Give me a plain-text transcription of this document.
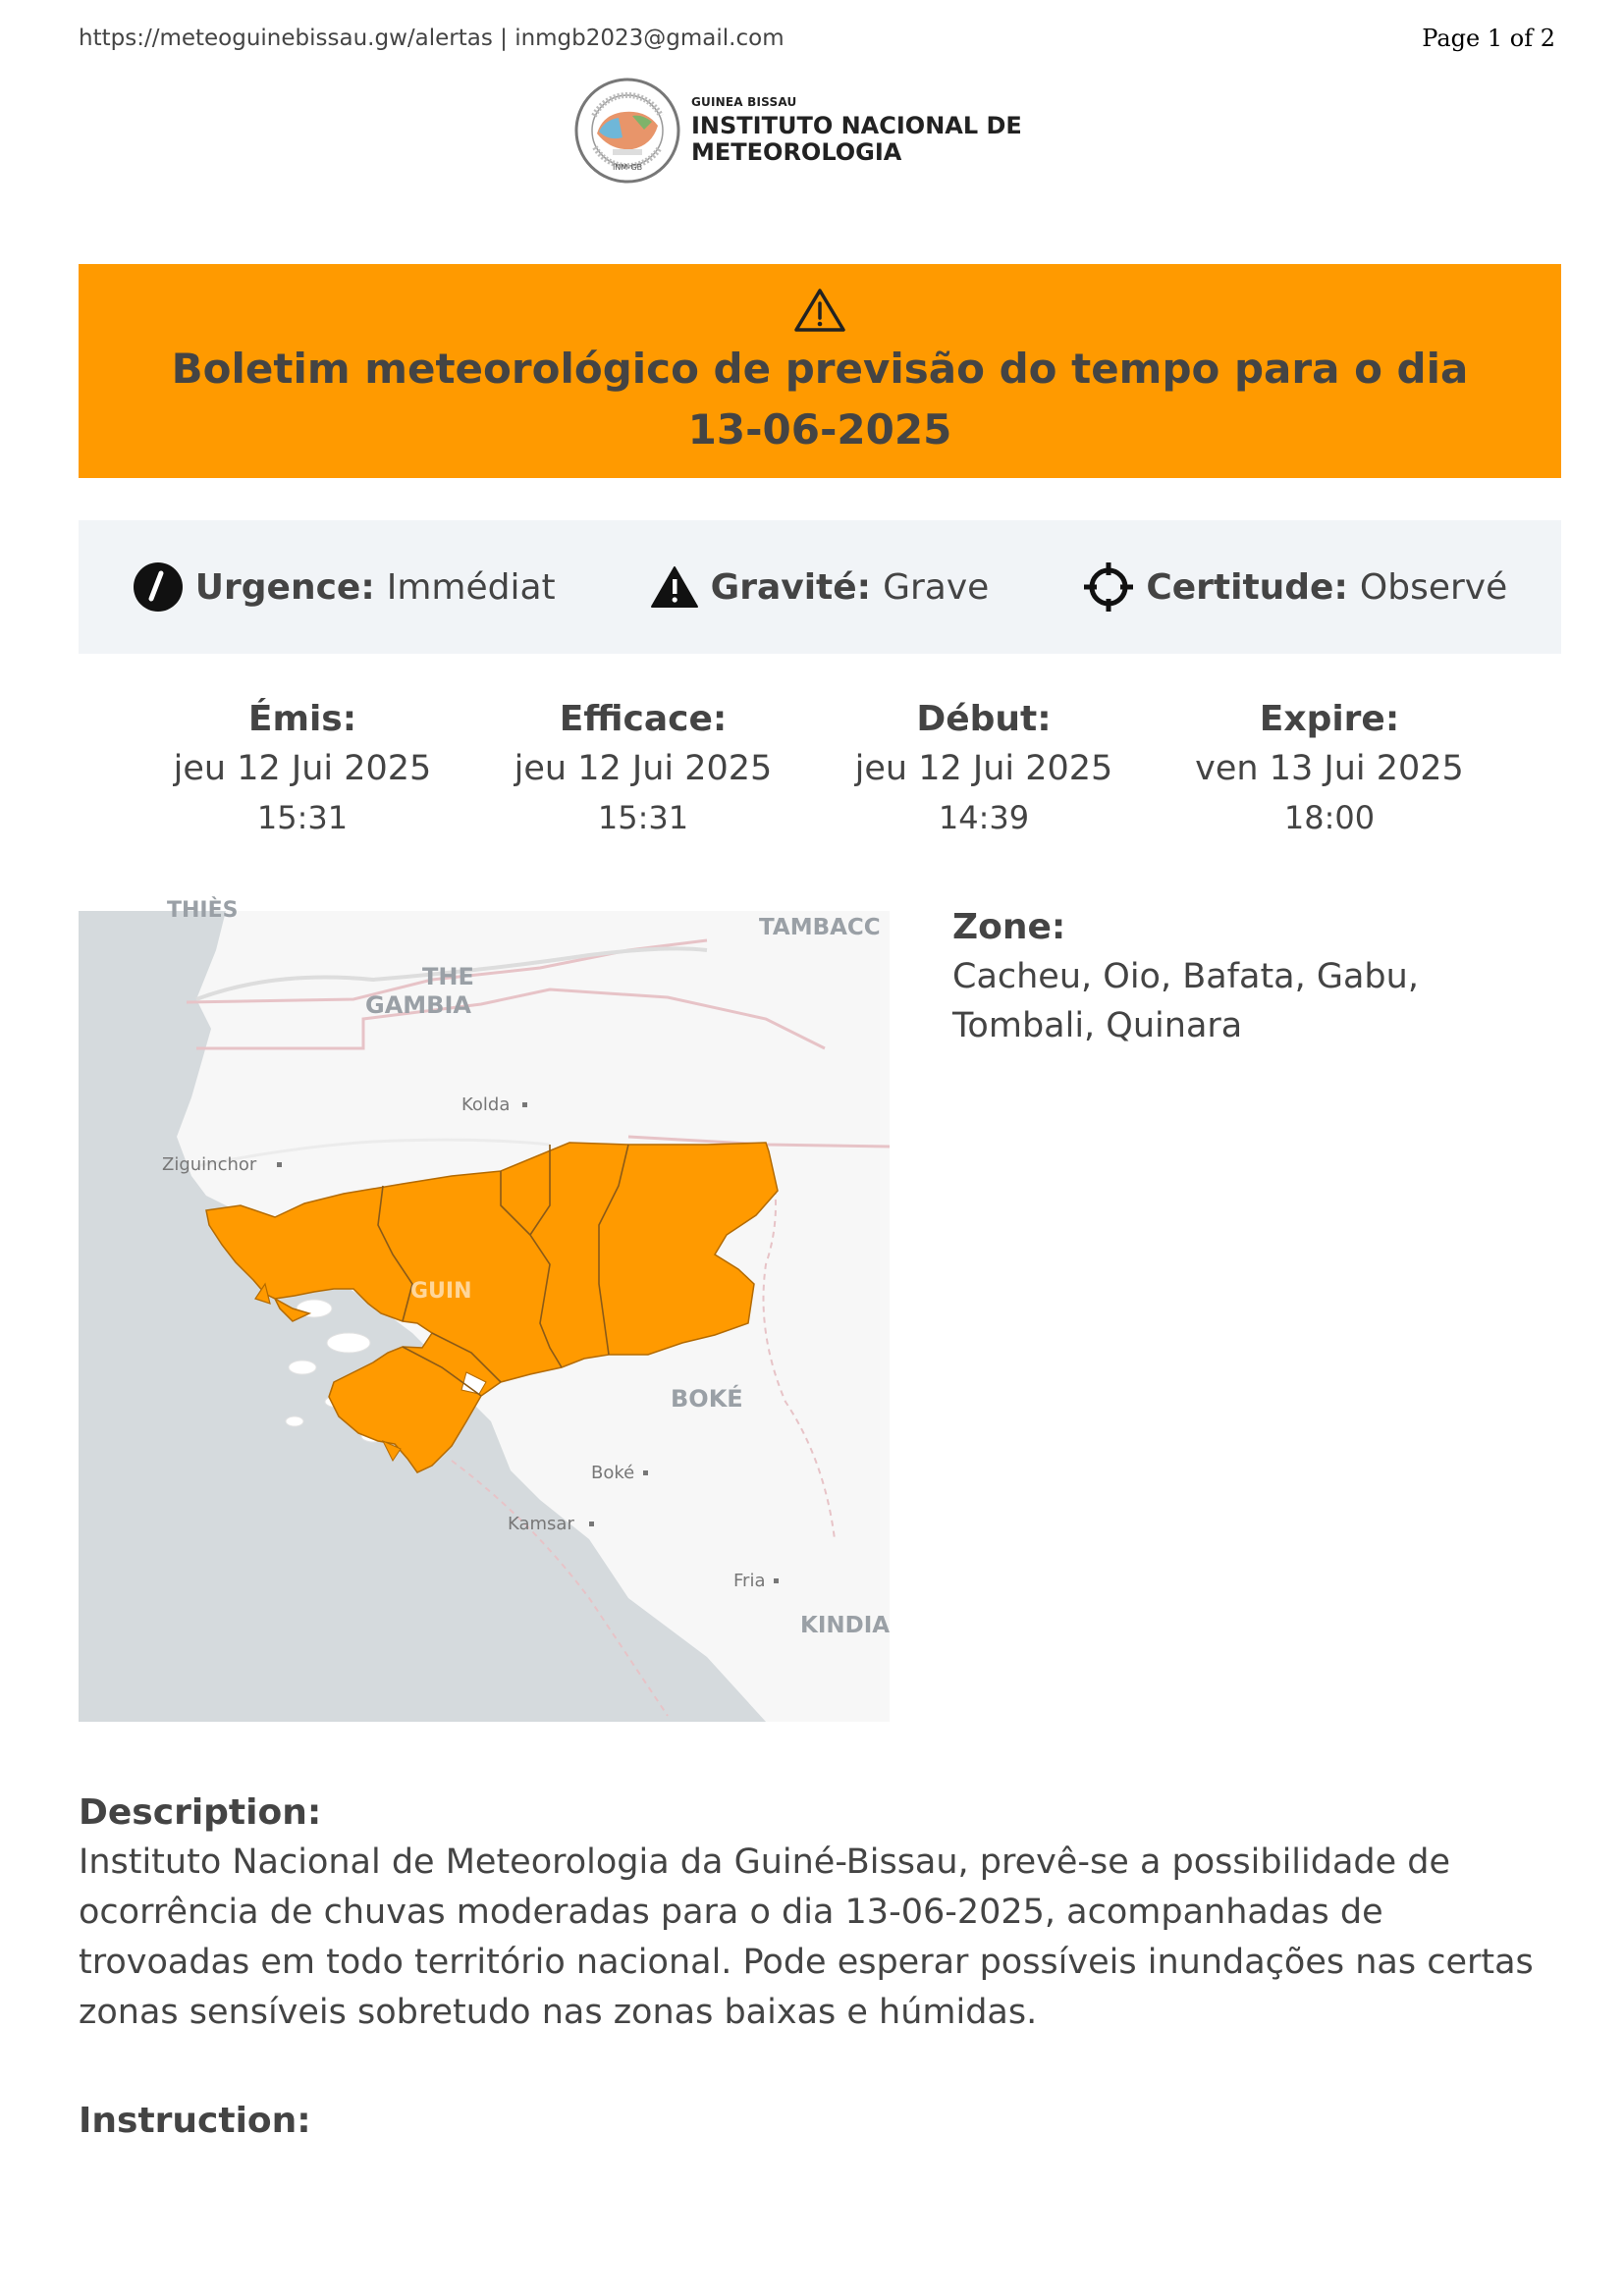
https://meteoguinebissau.gw/alertas | inmgb2023@gmail.com	Page 1 of 2
INM-GB
GUINEA BISSAU
INSTITUTO NACIONAL DE
METEOROLOGIA
Boletim meteorológico de previsão do tempo para o dia 13-06-2025
Urgence: Immédiat	Gravité: Grave	Certitude: Observé
Émis:
jeu 12 Jui 2025
15:31
Efficace:
jeu 12 Jui 2025
15:31
Début:
jeu 12 Jui 2025
14:39
Expire:
ven 13 Jui 2025
18:00
THIÈS
TAMBACC
THE
GAMBIA
Kolda
Ziguinchor
GUIN
BOKÉ
Boké
Kamsar
Fria
KINDIA
Zone:
Cacheu, Oio, Bafata, Gabu, Tombali, Quinara
Description:
Instituto Nacional de Meteorologia da Guiné-Bissau, prevê-se a possibilidade de ocorrência de chuvas moderadas para o dia 13-06-2025, acompanhadas de trovoadas em todo território nacional. Pode esperar possíveis inundações nas certas zonas sensíveis sobretudo nas zonas baixas e húmidas.
Instruction:
